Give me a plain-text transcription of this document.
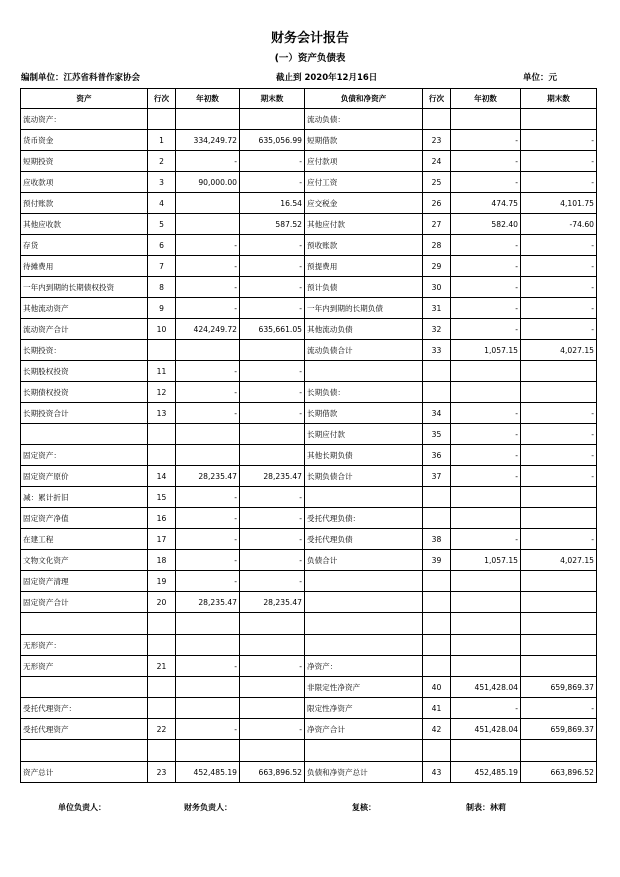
财务会计报告
(一）资产负债表
编制单位：江苏省科普作家协会	截止到 2020年12月16日	单位：元
资产	行次	年初数	期末数	负债和净资产	行次	年初数	期末数
流动资产：				流动负债：			
货币资金	1	334,249.72	635,056.99	短期借款	23	-	-
短期投资	2	-	-	应付款项	24	-	-
应收款项	3	90,000.00	-	应付工资	25	-	-
预付账款	4		16.54	应交税金	26	474.75	4,101.75
其他应收款	5		587.52	其他应付款	27	582.40	-74.60
存货	6	-	-	预收账款	28	-	-
待摊费用	7	-	-	预提费用	29	-	-
一年内到期的长期债权投资	8	-	-	预计负债	30	-	-
其他流动资产	9	-	-	一年内到期的长期负债	31	-	-
流动资产合计	10	424,249.72	635,661.05	其他流动负债	32	-	-
长期投资：				流动负债合计	33	1,057.15	4,027.15
长期股权投资	11	-	-				
长期债权投资	12	-	-	长期负债：			
长期投资合计	13	-	-	长期借款	34	-	-
				长期应付款	35	-	-
固定资产：				其他长期负债	36	-	-
固定资产原价	14	28,235.47	28,235.47	长期负债合计	37	-	-
减：累计折旧	15	-	-				
固定资产净值	16	-	-	受托代理负债：			
在建工程	17	-	-	受托代理负债	38	-	-
文物文化资产	18	-	-	负债合计	39	1,057.15	4,027.15
固定资产清理	19	-	-				
固定资产合计	20	28,235.47	28,235.47				

无形资产：							
无形资产	21	-	-	净资产：			
				非限定性净资产	40	451,428.04	659,869.37
受托代理资产：				限定性净资产	41	-	-
受托代理资产	22	-	-	净资产合计	42	451,428.04	659,869.37

资产总计	23	452,485.19	663,896.52	负债和净资产总计	43	452,485.19	663,896.52
单位负责人：	财务负责人：	复核：	制表：林莉
